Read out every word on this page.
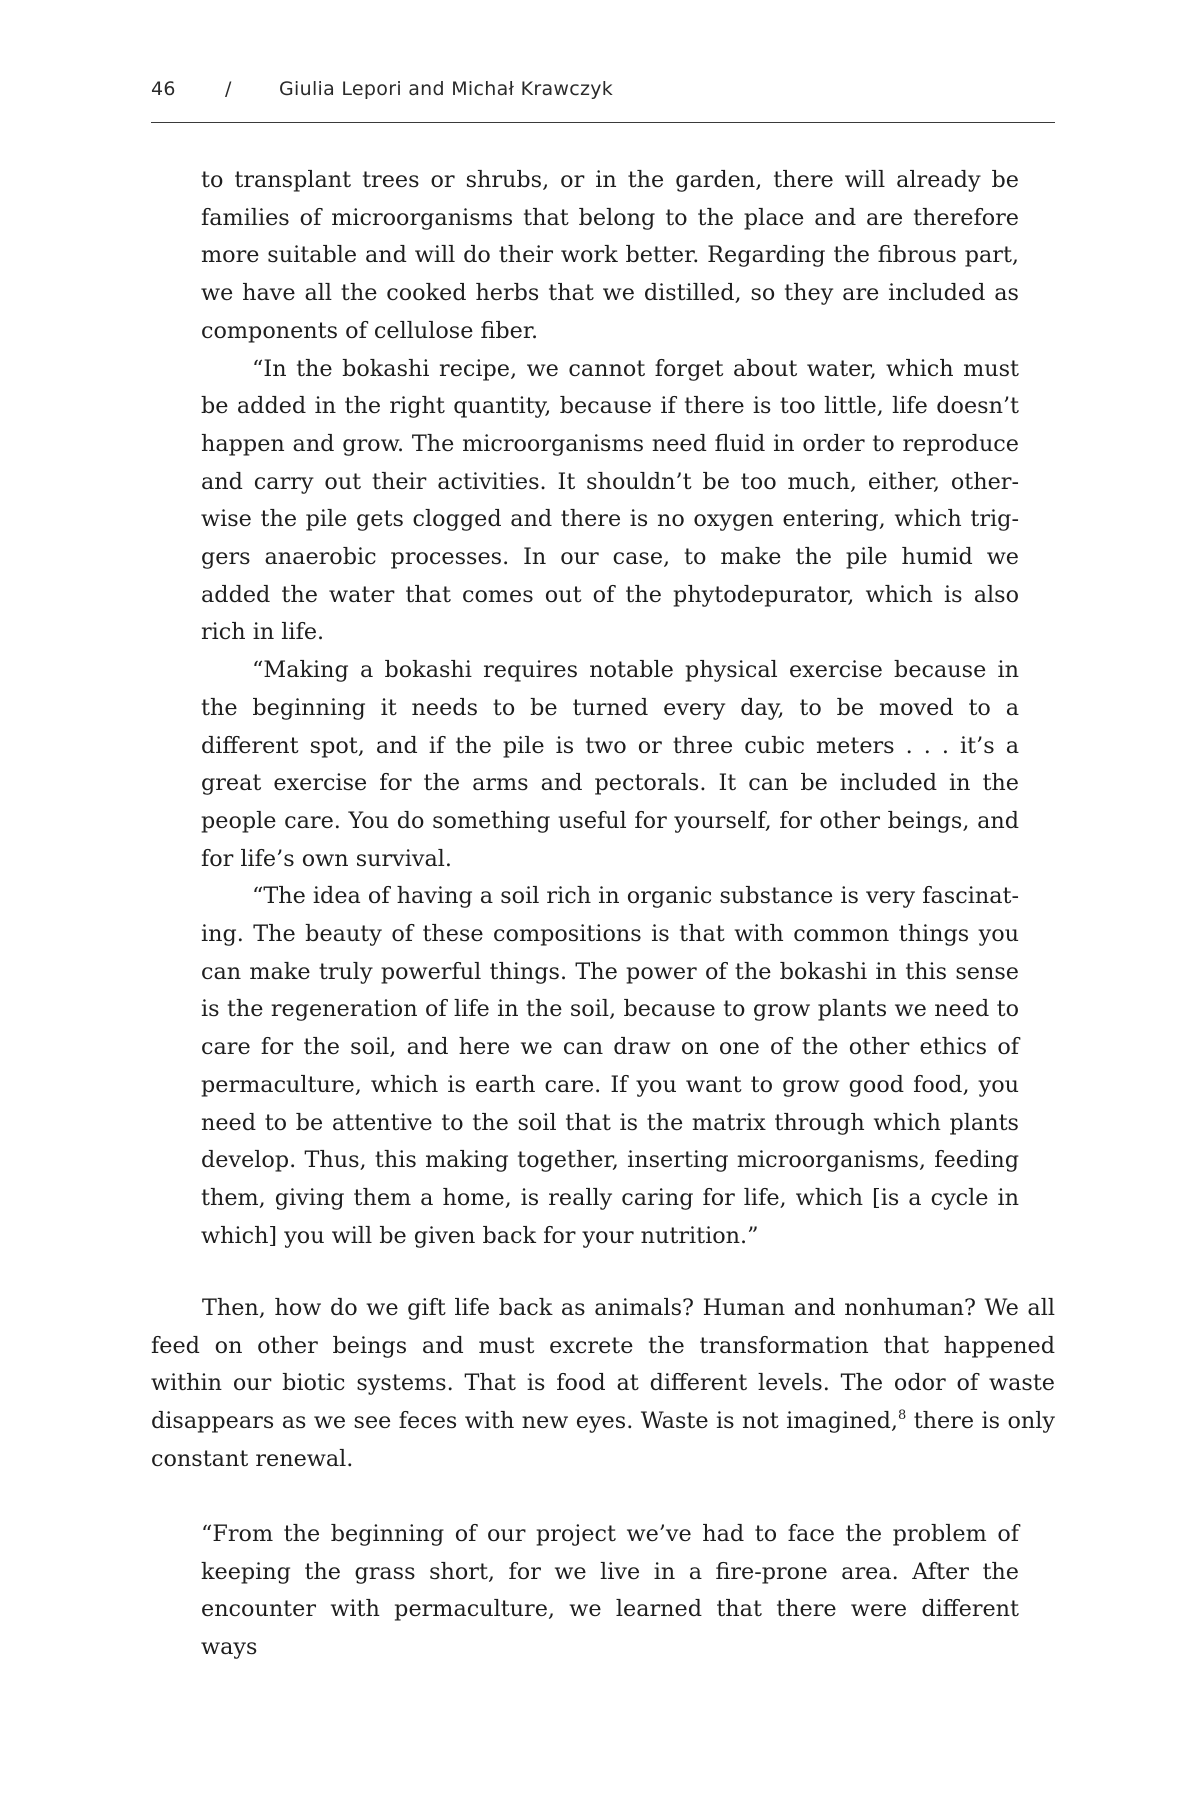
46	/ Giulia Lepori and Michał Krawczyk

to transplant trees or shrubs, or in the garden, there will already be families of microorganisms that belong to the place and are therefore more suitable and will do their work better. Regarding the fibrous part, we have all the cooked herbs that we distilled, so they are included as components of cellulose fiber.

“In the bokashi recipe, we cannot forget about water, which must be added in the right quantity, because if there is too little, life doesn’t happen and grow. The microorganisms need fluid in order to reproduce and carry out their activities. It shouldn’t be too much, either, otherwise the pile gets clogged and there is no oxygen entering, which triggers anaerobic processes. In our case, to make the pile humid we added the water that comes out of the phytodepurator, which is also rich in life.

“Making a bokashi requires notable physical exercise because in the beginning it needs to be turned every day, to be moved to a different spot, and if the pile is two or three cubic meters . . . it’s a great exercise for the arms and pectorals. It can be included in the people care. You do something useful for yourself, for other beings, and for life’s own survival.

“The idea of having a soil rich in organic substance is very fascinating. The beauty of these compositions is that with common things you can make truly powerful things. The power of the bokashi in this sense is the regeneration of life in the soil, because to grow plants we need to care for the soil, and here we can draw on one of the other ethics of permaculture, which is earth care. If you want to grow good food, you need to be attentive to the soil that is the matrix through which plants develop. Thus, this making together, inserting microorganisms, feeding them, giving them a home, is really caring for life, which [is a cycle in which] you will be given back for your nutrition.”

Then, how do we gift life back as animals? Human and nonhuman? We all feed on other beings and must excrete the transformation that happened within our biotic systems. That is food at different levels. The odor of waste disappears as we see feces with new eyes. Waste is not imagined,$^8$ there is only constant renewal.

“From the beginning of our project we’ve had to face the problem of keeping the grass short, for we live in a fire-prone area. After the encounter with permaculture, we learned that there were different ways
